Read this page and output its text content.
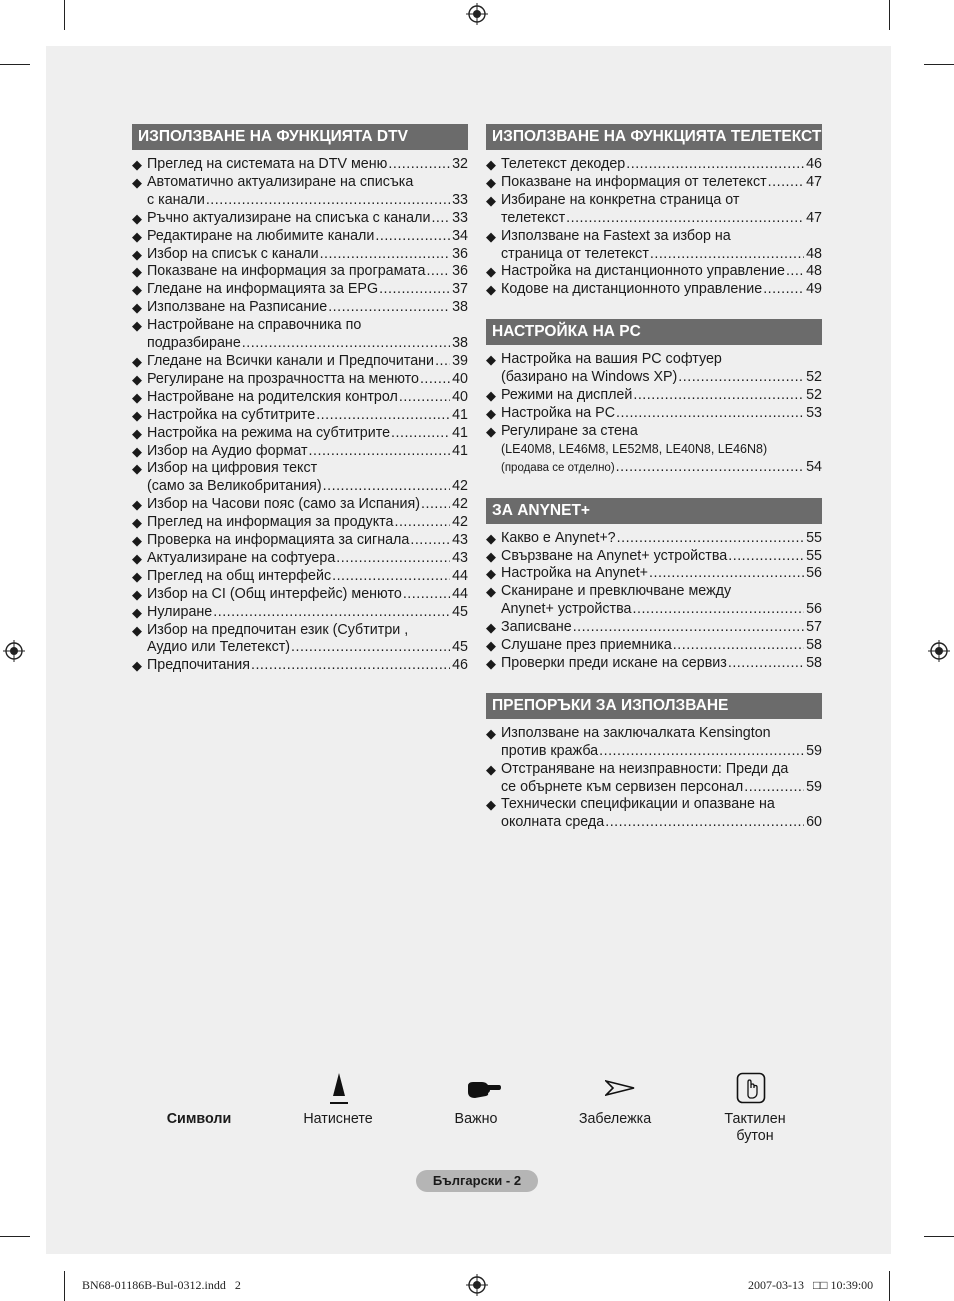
ИЗПОЛЗВАНЕ НА ФУНКЦИЯТА DTV
◆ Преглед на системата на DTV меню .....	32
◆ Автоматично актуализиране на списъка
с канали .....	33
◆ Ръчно актуализиране на списъка с канали ..... 33
◆ Редактиране на любимите канали .....	34
◆ Избор на списък с канали .....	36
◆ Показване на информация за програмата ..... 36
◆ Гледане на информацията за EPG .....	37
◆ Използване на Разписание .....	38
◆ Настройване на справочника по
подразбиране .....	38
◆ Гледане на Всички канали и Предпочитани ..... 39
◆ Регулиране на прозрачността на менюто ..... 40
◆ Настройване на родителския контрол .....	40
◆ Настройка на субтитрите .....	41
◆ Настройка на режима на субтитрите .....	41
◆ Избор на Аудио формат .....	41
◆ Избор на цифровия текст
(само за Великобритания) .....	42
◆ Избор на Часови пояс (само за Испания) ..... 42
◆ Преглед на информация за продукта .....	42
◆ Проверка на информацията за сигнала .....	43
◆ Актуализиране на софтуера .....	43
◆ Преглед на общ интерфейс .....	44
◆ Избор на CI (Общ интерфейс) менюто .....	44
◆ Нулиране .....	45
◆ Избор на предпочитан език (Субтитри ,
Аудио или Телетекст) .....	45
◆ Предпочитания .....	46
ИЗПОЛЗВАНЕ НА ФУНКЦИЯТА ТЕЛЕТЕКСТ
◆ Телетекст декодер .....	46
◆ Показване на информация от телетекст .....	47
◆ Избиране на конкретна страница от
телетекст .....	47
◆ Използване на Fastext за избор на
страница от телетекст .....	48
◆ Настройка на дистанционното управление ..... 48
◆ Кодове на дистанционното управление .....	49
НАСТРОЙКА НА PC
◆ Настройка на вашия PC софтуер
(базирано на Windows XP) .....	52
◆ Режими на дисплей .....	52
◆ Настройка на PC .....	53
◆ Регулиране за стена
(LE40M8, LE46M8, LE52M8, LE40N8, LE46N8)
(продава се отделно) .....	54
ЗА ANYNET+
◆ Какво е Anynet+? .....	55
◆ Свързване на Anynet+ устройства .....	55
◆ Настройка на Anynet+ .....	56
◆ Сканиране и превключване между
Anynet+ устройства .....	56
◆ Записване .....	57
◆ Слушане през приемника .....	58
◆ Проверки преди искане на сервиз .....	58
ПРЕПОРЪКИ ЗА ИЗПОЛЗВАНЕ
◆ Използване на заключалката Kensington
против кражба .....	59
◆ Отстраняване на неизправности: Преди да
се обърнете към сервизен персонал .....	59
◆ Технически спецификации и опазване на
околната среда .....	60
Символи	Натиснете	Важно	Забележка	Тактилен
бутон
Български - 2
BN68-01186B-Bul-0312.indd   2	2007-03-13   □□ 10:39:00
